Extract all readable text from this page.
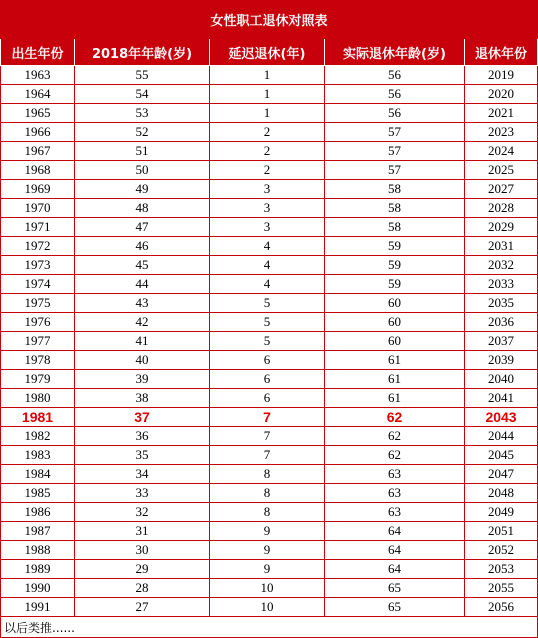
女性职工退休对照表				
出生年份	2018年年龄(岁)	延迟退休(年)	实际退休年龄(岁)	退休年份
1963	55	1	56	2019
1964	54	1	56	2020
1965	53	1	56	2021
1966	52	2	57	2023
1967	51	2	57	2024
1968	50	2	57	2025
1969	49	3	58	2027
1970	48	3	58	2028
1971	47	3	58	2029
1972	46	4	59	2031
1973	45	4	59	2032
1974	44	4	59	2033
1975	43	5	60	2035
1976	42	5	60	2036
1977	41	5	60	2037
1978	40	6	61	2039
1979	39	6	61	2040
1980	38	6	61	2041
1981	37	7	62	2043
1982	36	7	62	2044
1983	35	7	62	2045
1984	34	8	63	2047
1985	33	8	63	2048
1986	32	8	63	2049
1987	31	9	64	2051
1988	30	9	64	2052
1989	29	9	64	2053
1990	28	10	65	2055
1991	27	10	65	2056
以后类推......				
